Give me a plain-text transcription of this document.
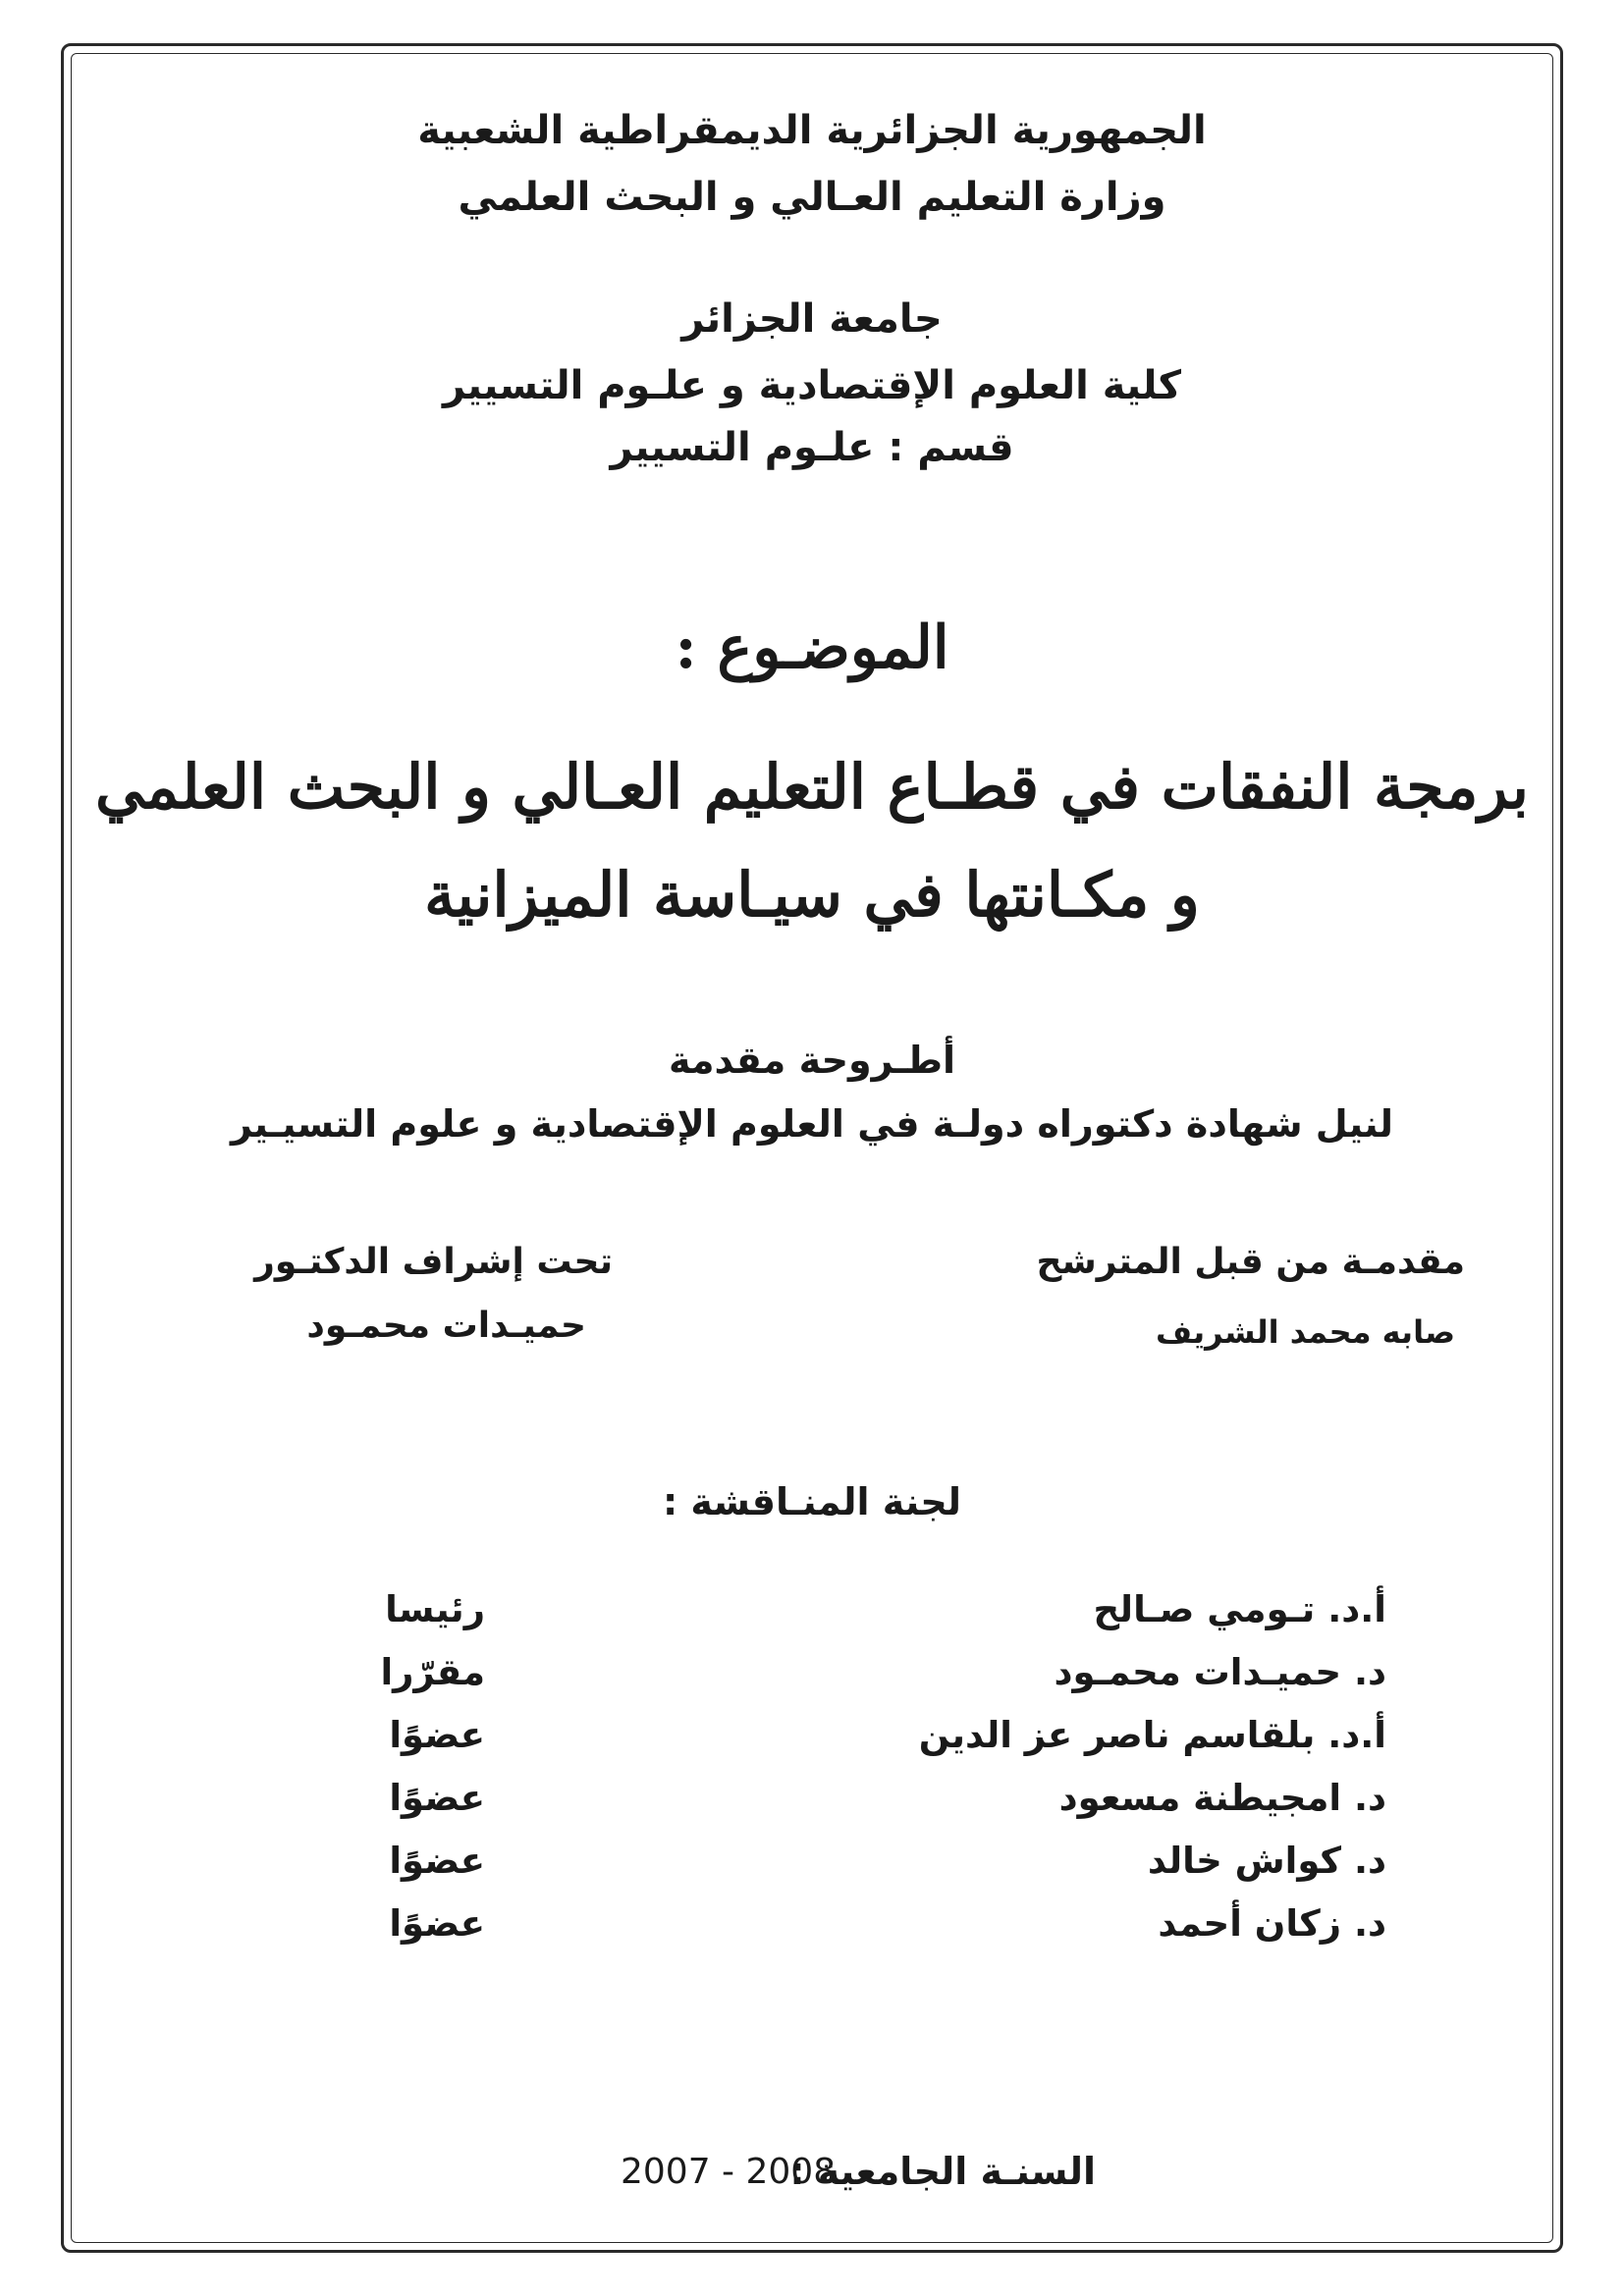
الجمهورية الجزائرية الديمقراطية الشعبية
وزارة التعليم العـالي و البحث العلمي
جامعة الجزائر
كلية العلوم الإقتصادية و علـوم التسيير
قسم : علـوم التسيير
الموضـوع :
برمجة النفقات في قطـاع التعليم العـالي و البحث العلمي
و مكـانتها في سيـاسة الميزانية
أطـروحة مقدمة
لنيل شهادة دكتوراه دولـة في العلوم الإقتصادية و علوم التسيـير
مقدمـة من قبل المترشح
صابه محمد الشريف
تحت إشراف الدكتـور
حميـدات محمـود
لجنة المنـاقشة :
أ.د. تـومي صـالح
رئيسا
د. حميـدات محمـود
مقرّرا
أ.د. بلقاسم ناصر عز الدين
عضوًا
د. امجيطنة مسعود
عضوًا
د. كواش خالد
عضوًا
د. زكان أحمد
عضوًا
السنـة الجامعية :
2007 - 2008
